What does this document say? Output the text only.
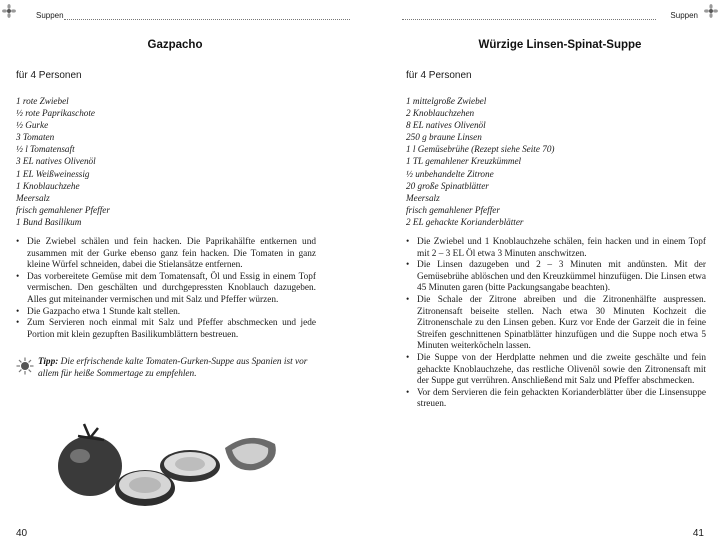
Suppen
Gazpacho
für 4 Personen
1 rote Zwiebel
½ rote Paprikaschote
½ Gurke
3 Tomaten
½ l Tomatensaft
3 EL natives Olivenöl
1 EL Weißweinessig
1 Knoblauchzehe
Meersalz
frisch gemahlener Pfeffer
1 Bund Basilikum
• Die Zwiebel schälen und fein hacken. Die Paprikahälfte entkernen und zusammen mit der Gurke ebenso ganz fein hacken. Die Tomaten in ganz kleine Würfel schneiden, dabei die Stielansätze entfernen.
• Das vorbereitete Gemüse mit dem Tomatensaft, Öl und Essig in einem Topf vermischen. Den geschälten und durchgepressten Knoblauch dazugeben. Alles gut miteinander vermischen und mit Salz und Pfeffer würzen.
• Die Gazpacho etwa 1 Stunde kalt stellen.
• Zum Servieren noch einmal mit Salz und Pfeffer abschmecken und jede Portion mit klein gezupften Basilikumblättern bestreuen.
Tipp: Die erfrischende kalte Tomaten-Gurken-Suppe aus Spanien ist vor allem für heiße Sommertage zu empfehlen.
40
Suppen
Würzige Linsen-Spinat-Suppe
für 4 Personen
1 mittelgroße Zwiebel
2 Knoblauchzehen
8 EL natives Olivenöl
250 g braune Linsen
1 l Gemüsebrühe (Rezept siehe Seite 70)
1 TL gemahlener Kreuzkümmel
½ unbehandelte Zitrone
20 große Spinatblätter
Meersalz
frisch gemahlener Pfeffer
2 EL gehackte Korianderblätter
• Die Zwiebel und 1 Knoblauchzehe schälen, fein hacken und in einem Topf mit 2 – 3 EL Öl etwa 3 Minuten anschwitzen.
• Die Linsen dazugeben und 2 – 3 Minuten mit andünsten. Mit der Gemüsebrühe ablöschen und den Kreuzkümmel hinzufügen. Die Linsen etwa 45 Minuten garen (bitte Packungsangabe beachten).
• Die Schale der Zitrone abreiben und die Zitronenhälfte auspressen. Zitronensaft beiseite stellen. Nach etwa 30 Minuten Kochzeit die Zitronenschale zu den Linsen geben. Kurz vor Ende der Garzeit die in feine Streifen geschnittenen Spinatblätter hinzufügen und die Suppe noch etwa 5 Minuten weiterköcheln lassen.
• Die Suppe von der Herdplatte nehmen und die zweite geschälte und fein gehackte Knoblauchzehe, das restliche Olivenöl sowie den Zitronensaft mit der Suppe gut verrühren. Anschließend mit Salz und Pfeffer abschmecken.
• Vor dem Servieren die fein gehackten Korianderblätter über die Linsensuppe streuen.
41
